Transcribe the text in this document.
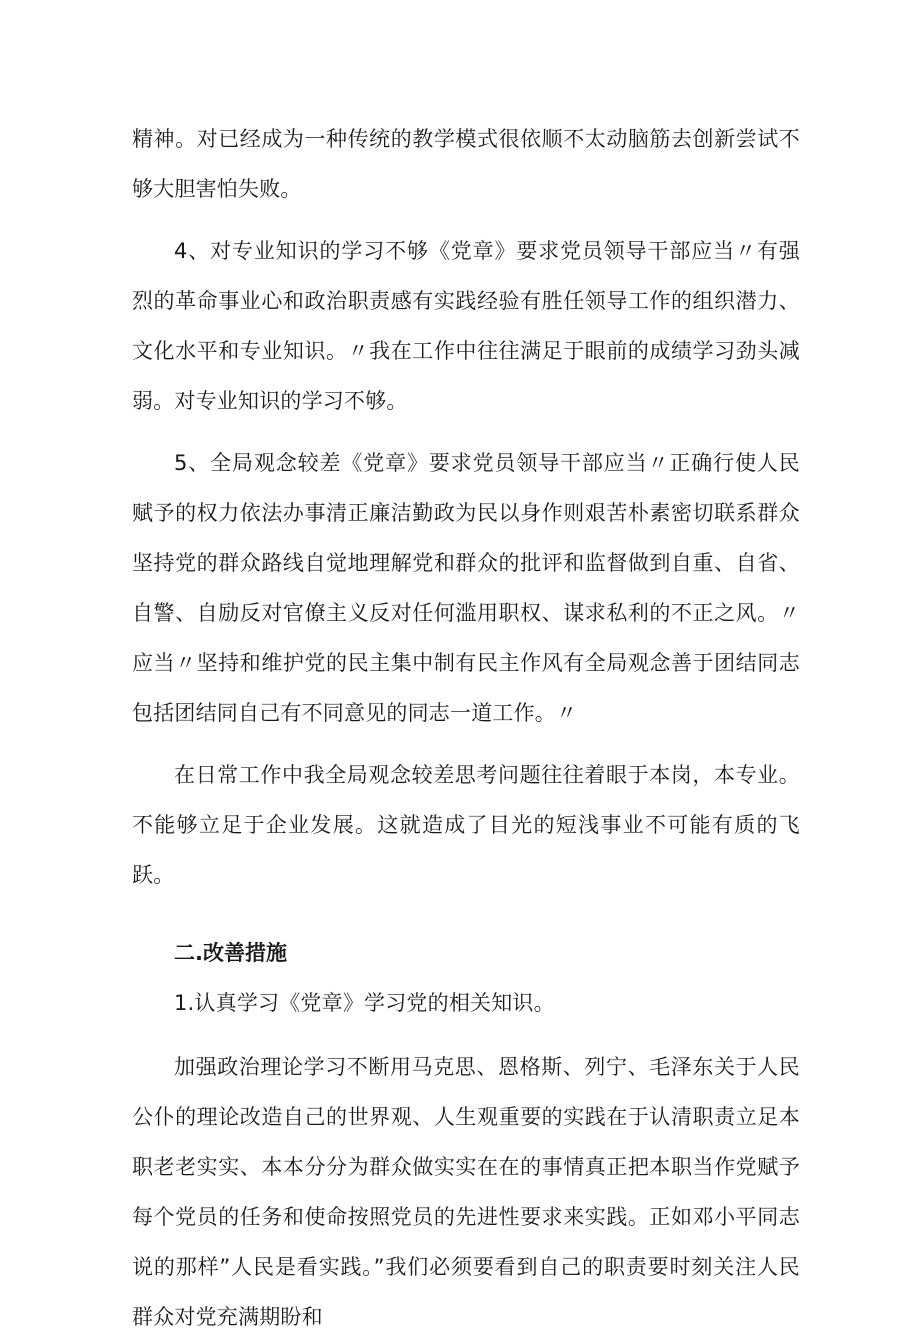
精神。对已经成为一种传统的教学模式很依顺不太动脑筋去创新尝试不够大胆害怕失败。

4、对专业知识的学习不够《党章》要求党员领导干部应当〃有强烈的革命事业心和政治职责感有实践经验有胜任领导工作的组织潜力、文化水平和专业知识。〃我在工作中往往满足于眼前的成绩学习劲头减弱。对专业知识的学习不够。

5、全局观念较差《党章》要求党员领导干部应当〃正确行使人民赋予的权力依法办事清正廉洁勤政为民以身作则艰苦朴素密切联系群众坚持党的群众路线自觉地理解党和群众的批评和监督做到自重、自省、自警、自励反对官僚主义反对任何滥用职权、谋求私利的不正之风。〃应当〃坚持和维护党的民主集中制有民主作风有全局观念善于团结同志包括团结同自己有不同意见的同志一道工作。〃

在日常工作中我全局观念较差思考问题往往着眼于本岗，本专业。不能够立足于企业发展。这就造成了目光的短浅事业不可能有质的飞跃。

二.改善措施

1.认真学习《党章》学习党的相关知识。

加强政治理论学习不断用马克思、恩格斯、列宁、毛泽东关于人民公仆的理论改造自己的世界观、人生观重要的实践在于认清职责立足本职老老实实、本本分分为群众做实实在在的事情真正把本职当作党赋予每个党员的任务和使命按照党员的先进性要求来实践。正如邓小平同志说的那样”人民是看实践。”我们必须要看到自己的职责要时刻关注人民群众对党充满期盼和
